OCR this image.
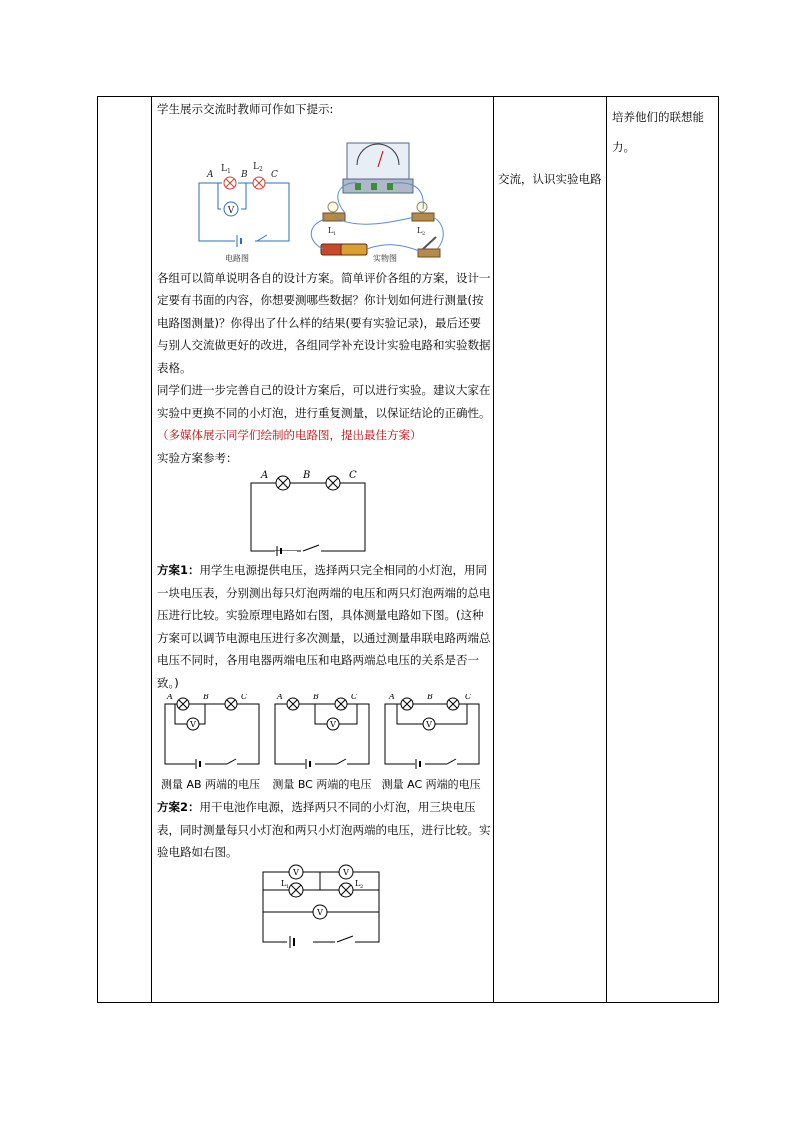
学生展示交流时教师可作如下提示:

V
A	B	C
L 1 L 2
电路图
L 1	L 2
实物图

各组可以简单说明各自的设计方案。简单评价各组的方案，设计一定要有书面的内容，你想要测哪些数据？你计划如何进行测量(按电路图测量)？你得出了什么样的结果(要有实验记录)，最后还要与别人交流做更好的改进，各组同学补充设计实验电路和实验数据表格。

同学们进一步完善自己的设计方案后，可以进行实验。建议大家在实验中更换不同的小灯泡，进行重复测量，以保证结论的正确性。（多媒体展示同学们绘制的电路图，提出最佳方案）

实验方案参考：

A	B	C

方案1：用学生电源提供电压，选择两只完全相同的小灯泡，用同一块电压表，分别测出每只灯泡两端的电压和两只灯泡两端的总电压进行比较。实验原理电路如右图，具体测量电路如下图。(这种方案可以调节电源电压进行多次测量，以通过测量串联电路两端总电压不同时，各用电器两端电压和电路两端总电压的关系是否一致。)

V
A	B	C
V
A	B	C
V
A	B	C
测量 AB 两端的电压	测量 BC 两端的电压 测量 AC 两端的电压

方案2：用干电池作电源，选择两只不同的小灯泡，用三块电压表，同时测量每只小灯泡和两只小灯泡两端的电压，进行比较。实验电路如右图。

V	V
V
L 1	L 2
交流，认识实验电路
培养他们的联想能力。
